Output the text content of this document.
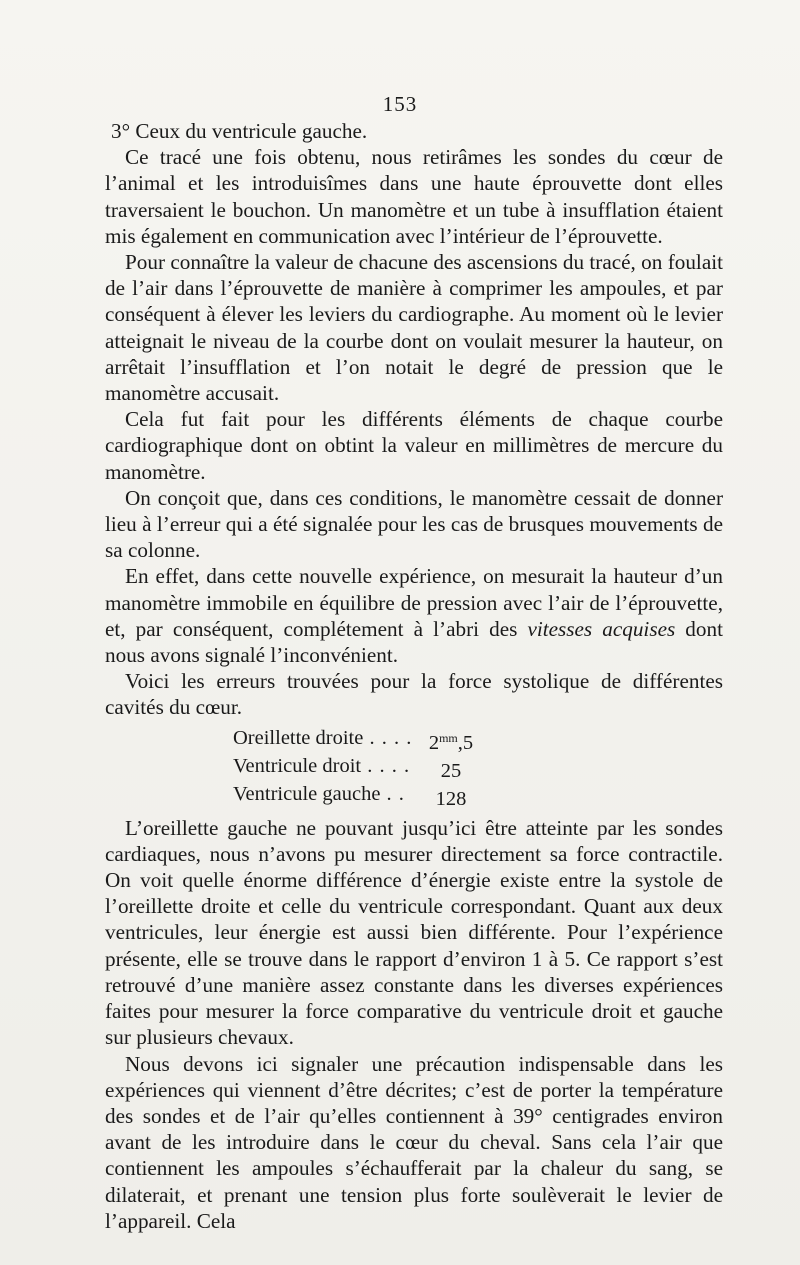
153

3° Ceux du ventricule gauche.

Ce tracé une fois obtenu, nous retirâmes les sondes du cœur de l’animal et les introduisîmes dans une haute éprouvette dont elles traversaient le bouchon. Un manomètre et un tube à insufflation étaient mis également en communication avec l’intérieur de l’éprouvette.

Pour connaître la valeur de chacune des ascensions du tracé, on foulait de l’air dans l’éprouvette de manière à comprimer les ampoules, et par conséquent à élever les leviers du cardiographe. Au moment où le levier atteignait le niveau de la courbe dont on voulait mesurer la hauteur, on arrêtait l’insufflation et l’on notait le degré de pression que le manomètre accusait.

Cela fut fait pour les différents éléments de chaque courbe cardiographique dont on obtint la valeur en millimètres de mercure du manomètre.

On conçoit que, dans ces conditions, le manomètre cessait de donner lieu à l’erreur qui a été signalée pour les cas de brusques mouvements de sa colonne.

En effet, dans cette nouvelle expérience, on mesurait la hauteur d’un manomètre immobile en équilibre de pression avec l’air de l’éprouvette, et, par conséquent, complétement à l’abri des vitesses acquises dont nous avons signalé l’inconvénient.

Voici les erreurs trouvées pour la force systolique de différentes cavités du cœur.

Oreillette droite . . .	$2^{mm},5$
Ventricule droit . . .	25
Ventricule gauche . . .	128

L’oreillette gauche ne pouvant jusqu’ici être atteinte par les sondes cardiaques, nous n’avons pu mesurer directement sa force contractile. On voit quelle énorme différence d’énergie existe entre la systole de l’oreillette droite et celle du ventricule correspondant. Quant aux deux ventricules, leur énergie est aussi bien différente. Pour l’expérience présente, elle se trouve dans le rapport d’environ 1 à 5. Ce rapport s’est retrouvé d’une manière assez constante dans les diverses expériences faites pour mesurer la force comparative du ventricule droit et gauche sur plusieurs chevaux.

Nous devons ici signaler une précaution indispensable dans les expériences qui viennent d’être décrites; c’est de porter la température des sondes et de l’air qu’elles contiennent à 39° centigrades environ avant de les introduire dans le cœur du cheval. Sans cela l’air que contiennent les ampoules s’échaufferait par la chaleur du sang, se dilaterait, et prenant une tension plus forte soulèverait le levier de l’appareil. Cela
